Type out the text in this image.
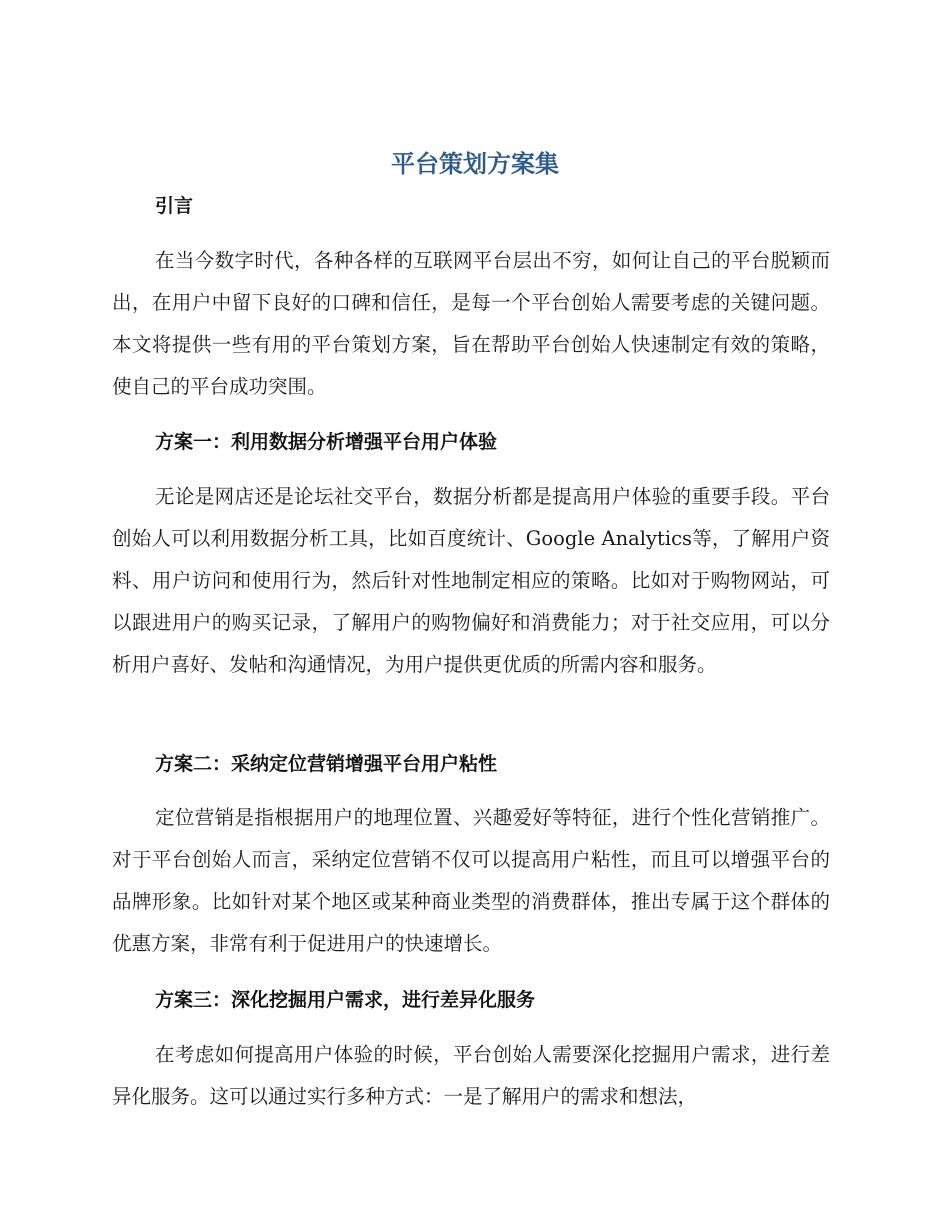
平台策划方案集
引言

在当今数字时代，各种各样的互联网平台层出不穷，如何让自己的平台脱颖而出，在用户中留下良好的口碑和信任，是每一个平台创始人需要考虑的关键问题。本文将提供一些有用的平台策划方案，旨在帮助平台创始人快速制定有效的策略，使自己的平台成功突围。

方案一：利用数据分析增强平台用户体验

无论是网店还是论坛社交平台，数据分析都是提高用户体验的重要手段。平台创始人可以利用数据分析工具，比如百度统计、Google Analytics等，了解用户资料、用户访问和使用行为，然后针对性地制定相应的策略。比如对于购物网站，可以跟进用户的购买记录，了解用户的购物偏好和消费能力；对于社交应用，可以分析用户喜好、发帖和沟通情况，为用户提供更优质的所需内容和服务。

方案二：采纳定位营销增强平台用户粘性

定位营销是指根据用户的地理位置、兴趣爱好等特征，进行个性化营销推广。对于平台创始人而言，采纳定位营销不仅可以提高用户粘性，而且可以增强平台的品牌形象。比如针对某个地区或某种商业类型的消费群体，推出专属于这个群体的优惠方案，非常有利于促进用户的快速增长。

方案三：深化挖掘用户需求，进行差异化服务

在考虑如何提高用户体验的时候，平台创始人需要深化挖掘用户需求，进行差异化服务。这可以通过实行多种方式：一是了解用户的需求和想法，
